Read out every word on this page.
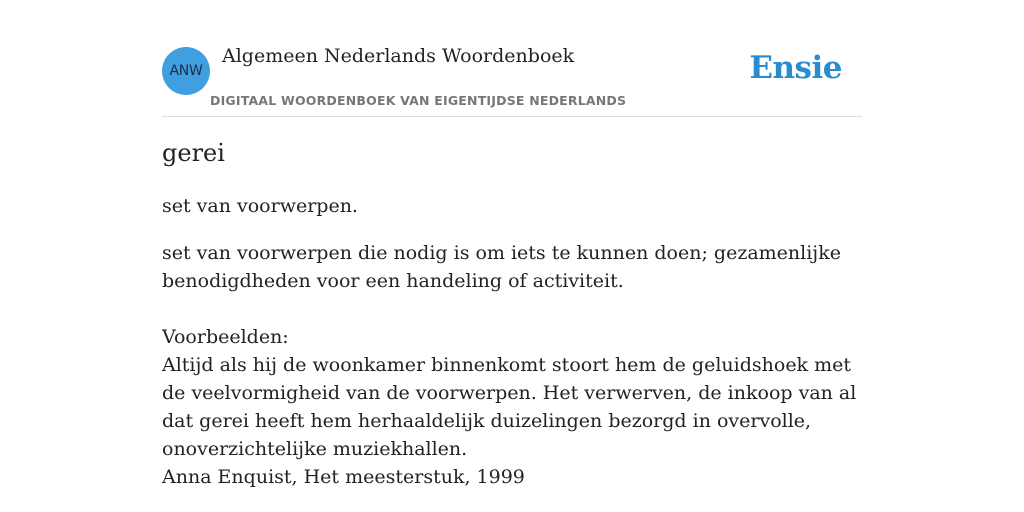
ANW
Algemeen Nederlands Woordenboek
DIGITAAL WOORDENBOEK VAN EIGENTIJDSE NEDERLANDS
Ensie
gerei

set van voorwerpen.

set van voorwerpen die nodig is om iets te kunnen doen; gezamenlijke benodigdheden voor een handeling of activiteit.

Voorbeelden:

Altijd als hij de woonkamer binnenkomt stoort hem de geluidshoek met de veelvormigheid van de voorwerpen. Het verwerven, de inkoop van al dat gerei heeft hem herhaaldelijk duizelingen bezorgd in overvolle, onoverzichtelijke muziekhallen.

Anna Enquist, Het meesterstuk, 1999
